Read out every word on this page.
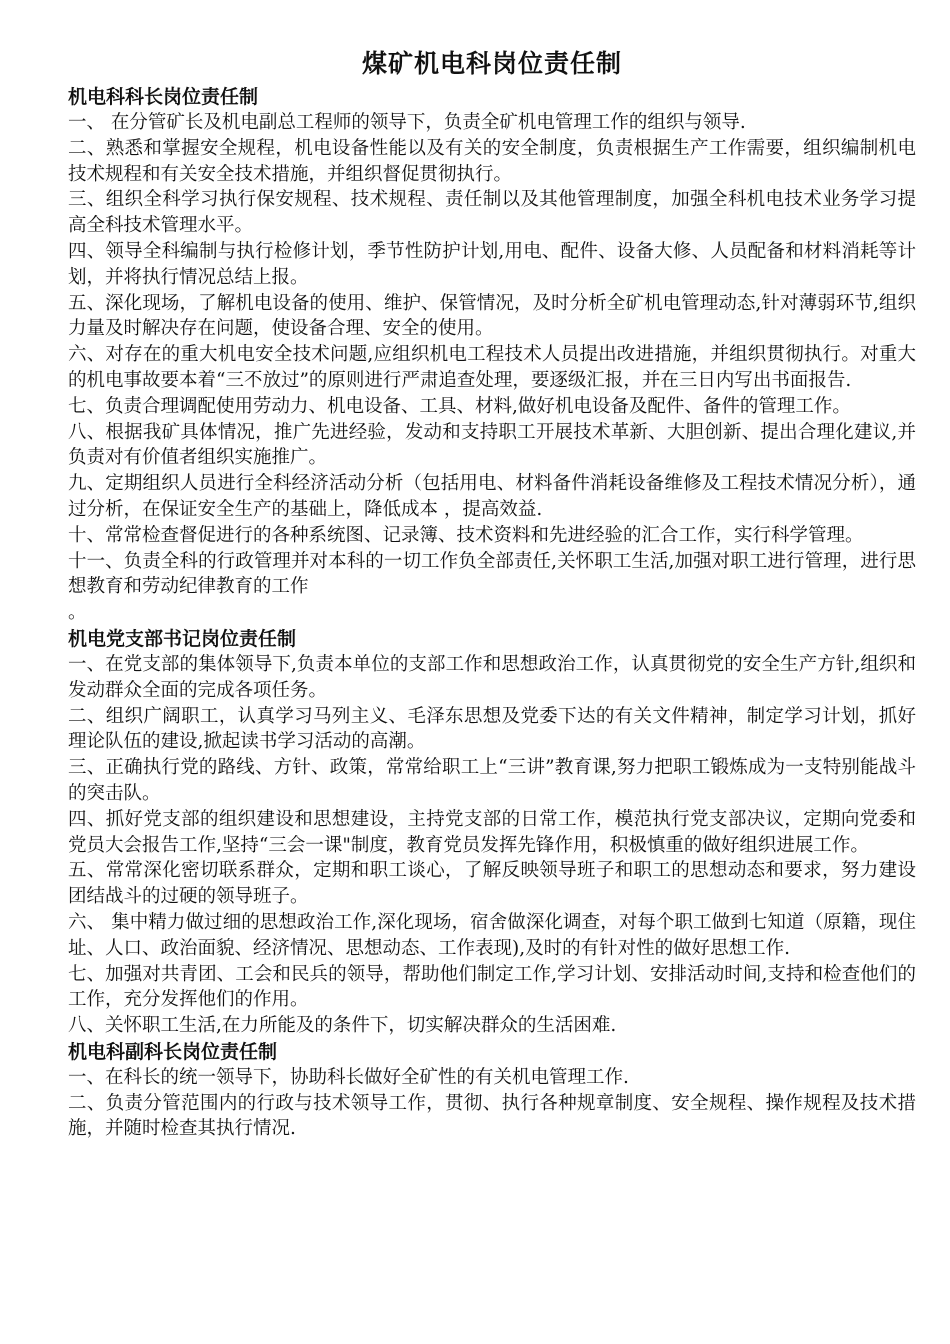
煤矿机电科岗位责任制
机电科科长岗位责任制

一、 在分管矿长及机电副总工程师的领导下，负责全矿机电管理工作的组织与领导.

二、熟悉和掌握安全规程，机电设备性能以及有关的安全制度，负责根据生产工作需要，组织编制机电技术规程和有关安全技术措施，并组织督促贯彻执行。

三、组织全科学习执行保安规程、技术规程、责任制以及其他管理制度，加强全科机电技术业务学习提高全科技术管理水平。

四、领导全科编制与执行检修计划，季节性防护计划,用电、配件、设备大修、人员配备和材料消耗等计划，并将执行情况总结上报。

五、深化现场，了解机电设备的使用、维护、保管情况，及时分析全矿机电管理动态,针对薄弱环节,组织力量及时解决存在问题，使设备合理、安全的使用。

六、对存在的重大机电安全技术问题,应组织机电工程技术人员提出改进措施，并组织贯彻执行。对重大的机电事故要本着“三不放过”的原则进行严肃追查处理，要逐级汇报，并在三日内写出书面报告.

七、负责合理调配使用劳动力、机电设备、工具、材料,做好机电设备及配件、备件的管理工作。

八、根据我矿具体情况，推广先进经验，发动和支持职工开展技术革新、大胆创新、提出合理化建议,并负责对有价值者组织实施推广。

九、定期组织人员进行全科经济活动分析（包括用电、材料备件消耗设备维修及工程技术情况分析），通过分析，在保证安全生产的基础上，降低成本 ，提高效益.

十、常常检查督促进行的各种系统图、记录簿、技术资料和先进经验的汇合工作，实行科学管理。

十一、负责全科的行政管理并对本科的一切工作负全部责任,关怀职工生活,加强对职工进行管理，进行思想教育和劳动纪律教育的工作

。

机电党支部书记岗位责任制

一、在党支部的集体领导下,负责本单位的支部工作和思想政治工作，认真贯彻党的安全生产方针,组织和发动群众全面的完成各项任务。

二、组织广阔职工，认真学习马列主义、毛泽东思想及党委下达的有关文件精神，制定学习计划，抓好理论队伍的建设,掀起读书学习活动的高潮。

三、正确执行党的路线、方针、政策，常常给职工上“三讲”教育课,努力把职工锻炼成为一支特别能战斗的突击队。

四、抓好党支部的组织建设和思想建设，主持党支部的日常工作，模范执行党支部决议，定期向党委和党员大会报告工作,坚持“三会一课"制度，教育党员发挥先锋作用，积极慎重的做好组织进展工作。

五、常常深化密切联系群众，定期和职工谈心，了解反映领导班子和职工的思想动态和要求，努力建设团结战斗的过硬的领导班子。

六、 集中精力做过细的思想政治工作,深化现场，宿舍做深化调查，对每个职工做到七知道（原籍，现住址、人口、政治面貌、经济情况、思想动态、工作表现),及时的有针对性的做好思想工作.

七、加强对共青团、工会和民兵的领导，帮助他们制定工作,学习计划、安排活动时间,支持和检查他们的工作，充分发挥他们的作用。

八、关怀职工生活,在力所能及的条件下，切实解决群众的生活困难.

机电科副科长岗位责任制

一、在科长的统一领导下，协助科长做好全矿性的有关机电管理工作.

二、负责分管范围内的行政与技术领导工作，贯彻、执行各种规章制度、安全规程、操作规程及技术措施，并随时检查其执行情况.
